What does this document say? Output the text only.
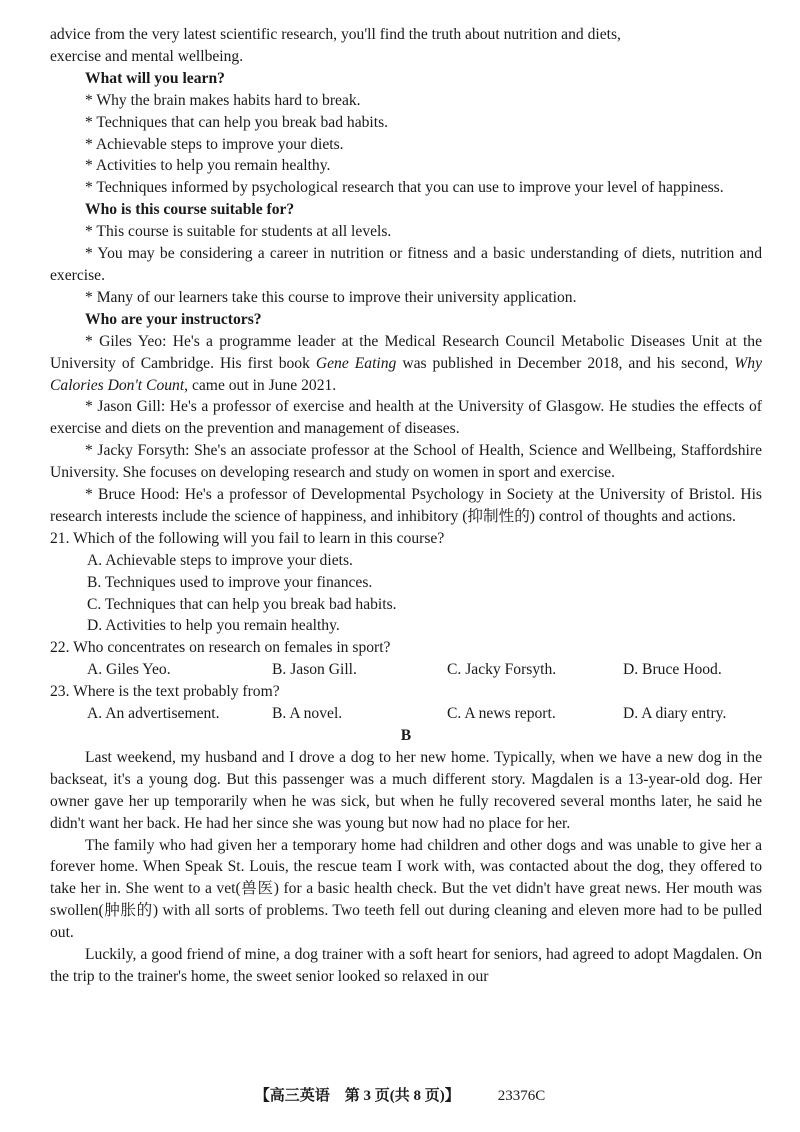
advice from the very latest scientific research, you'll find the truth about nutrition and diets,

exercise and mental wellbeing.

What will you learn?

* Why the brain makes habits hard to break.

* Techniques that can help you break bad habits.

* Achievable steps to improve your diets.

* Activities to help you remain healthy.

* Techniques informed by psychological research that you can use to improve your level of happiness.

Who is this course suitable for?

* This course is suitable for students at all levels.

* You may be considering a career in nutrition or fitness and a basic understanding of diets, nutrition and exercise.

* Many of our learners take this course to improve their university application.

Who are your instructors?

* Giles Yeo: He's a programme leader at the Medical Research Council Metabolic Diseases Unit at the University of Cambridge. His first book Gene Eating was published in December 2018, and his second, Why Calories Don't Count, came out in June 2021.

* Jason Gill: He's a professor of exercise and health at the University of Glasgow. He studies the effects of exercise and diets on the prevention and management of diseases.

* Jacky Forsyth: She's an associate professor at the School of Health, Science and Wellbeing, Staffordshire University. She focuses on developing research and study on women in sport and exercise.

* Bruce Hood: He's a professor of Developmental Psychology in Society at the University of Bristol. His research interests include the science of happiness, and inhibitory (抑制性的) control of thoughts and actions.

21. Which of the following will you fail to learn in this course?

A. Achievable steps to improve your diets.

B. Techniques used to improve your finances.

C. Techniques that can help you break bad habits.

D. Activities to help you remain healthy.

22. Who concentrates on research on females in sport?

A. Giles Yeo.	B. Jason Gill.	C. Jacky Forsyth.	D. Bruce Hood.

23. Where is the text probably from?

A. An advertisement.	B. A novel.	C. A news report.	D. A diary entry.

B

Last weekend, my husband and I drove a dog to her new home. Typically, when we have a new dog in the backseat, it's a young dog. But this passenger was a much different story. Magdalen is a 13-year-old dog. Her owner gave her up temporarily when he was sick, but when he fully recovered several months later, he said he didn't want her back. He had her since she was young but now had no place for her.

The family who had given her a temporary home had children and other dogs and was unable to give her a forever home. When Speak St. Louis, the rescue team I work with, was contacted about the dog, they offered to take her in. She went to a vet(兽医) for a basic health check. But the vet didn't have great news. Her mouth was swollen(肿胀的) with all sorts of problems. Two teeth fell out during cleaning and eleven more had to be pulled out.

Luckily, a good friend of mine, a dog trainer with a soft heart for seniors, had agreed to adopt Magdalen. On the trip to the trainer's home, the sweet senior looked so relaxed in our

【高三英语　第 3 页(共 8 页)】	23376C
